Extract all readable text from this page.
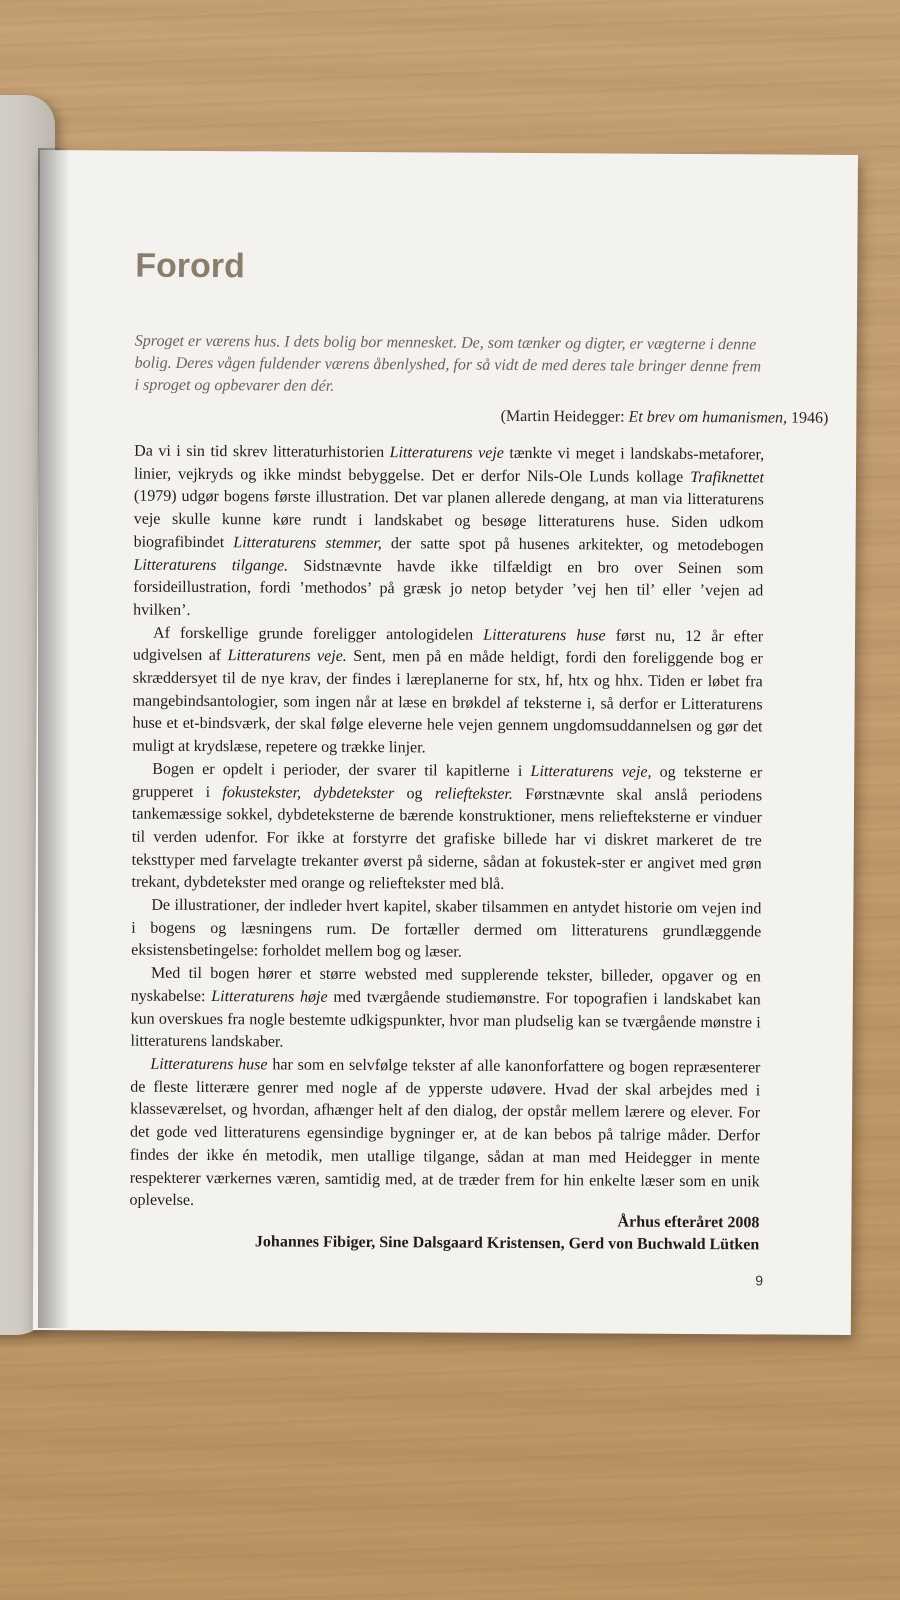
Forord
Sproget er værens hus. I dets bolig bor mennesket. De, som tænker og digter, er vægterne i denne bolig. Deres vågen fuldender værens åbenlyshed, for så vidt de med deres tale bringer denne frem i sproget og opbevarer den dér.
(Martin Heidegger: Et brev om humanismen, 1946)

Da vi i sin tid skrev litteraturhistorien Litteraturens veje tænkte vi meget i landskabs-metaforer, linier, vejkryds og ikke mindst bebyggelse. Det er derfor Nils-Ole Lunds kollage Trafiknettet (1979) udgør bogens første illustration. Det var planen allerede dengang, at man via litteraturens veje skulle kunne køre rundt i landskabet og besøge litteraturens huse. Siden udkom biografibindet Litteraturens stemmer, der satte spot på husenes arkitekter, og metodebogen Litteraturens tilgange. Sidstnævnte havde ikke tilfældigt en bro over Seinen som forsideillustration, fordi ’methodos’ på græsk jo netop betyder ’vej hen til’ eller ’vejen ad hvilken’.

Af forskellige grunde foreligger antologidelen Litteraturens huse først nu, 12 år efter udgivelsen af Litteraturens veje. Sent, men på en måde heldigt, fordi den foreliggende bog er skræddersyet til de nye krav, der findes i læreplanerne for stx, hf, htx og hhx. Tiden er løbet fra mangebindsantologier, som ingen når at læse en brøkdel af teksterne i, så derfor er Litteraturens huse et et-bindsværk, der skal følge eleverne hele vejen gennem ungdomsuddannelsen og gør det muligt at krydslæse, repetere og trække linjer.

Bogen er opdelt i perioder, der svarer til kapitlerne i Litteraturens veje, og teksterne er grupperet i fokustekster, dybdetekster og relieftekster. Førstnævnte skal anslå periodens tankemæssige sokkel, dybdeteksterne de bærende konstruktioner, mens reliefteksterne er vinduer til verden udenfor. For ikke at forstyrre det grafiske billede har vi diskret markeret de tre teksttyper med farvelagte trekanter øverst på siderne, sådan at fokustek-ster er angivet med grøn trekant, dybdetekster med orange og relieftekster med blå.

De illustrationer, der indleder hvert kapitel, skaber tilsammen en antydet historie om vejen ind i bogens og læsningens rum. De fortæller dermed om litteraturens grundlæggende eksistensbetingelse: forholdet mellem bog og læser.

Med til bogen hører et større websted med supplerende tekster, billeder, opgaver og en nyskabelse: Litteraturens høje med tværgående studiemønstre. For topografien i landskabet kan kun overskues fra nogle bestemte udkigspunkter, hvor man pludselig kan se tværgående mønstre i litteraturens landskaber.

Litteraturens huse har som en selvfølge tekster af alle kanonforfattere og bogen repræsenterer de fleste litterære genrer med nogle af de ypperste udøvere. Hvad der skal arbejdes med i klasseværelset, og hvordan, afhænger helt af den dialog, der opstår mellem lærere og elever. For det gode ved litteraturens egensindige bygninger er, at de kan bebos på talrige måder. Derfor findes der ikke én metodik, men utallige tilgange, sådan at man med Heidegger in mente respekterer værkernes væren, samtidig med, at de træder frem for hin enkelte læser som en unik oplevelse.

Århus efteråret 2008
Johannes Fibiger, Sine Dalsgaard Kristensen, Gerd von Buchwald Lütken
9
